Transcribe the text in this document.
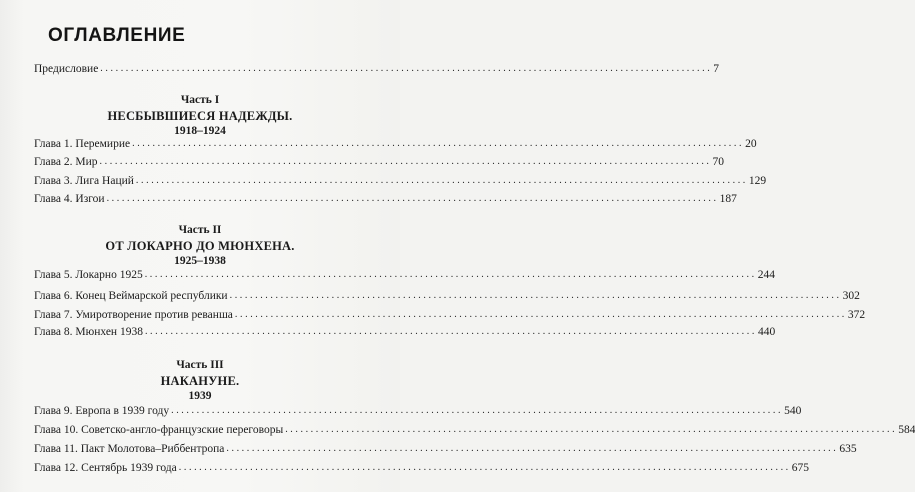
ОГЛАВЛЕНИЕ
Предисловие ........................................................................................................................ 7
Часть I
НЕСБЫВШИЕСЯ НАДЕЖДЫ.
1918–1924
Глава 1. Перемирие ........................................................................................................................ 20
Глава 2. Мир ........................................................................................................................ 70
Глава 3. Лига Наций ........................................................................................................................ 129
Глава 4. Изгои ........................................................................................................................ 187
Часть II
ОТ ЛОКАРНО ДО МЮНХЕНА.
1925–1938
Глава 5. Локарно 1925 ........................................................................................................................ 244
Глава 6. Конец Веймарской республики ........................................................................................................................ 302
Глава 7. Умиротворение против реванша ........................................................................................................................ 372
Глава 8. Мюнхен 1938 ........................................................................................................................ 440
Часть III
НАКАНУНЕ.
1939
Глава 9. Европа в 1939 году ........................................................................................................................ 540
Глава 10. Советско-англо-французские переговоры ........................................................................................................................ 584
Глава 11. Пакт Молотова–Риббентропа ........................................................................................................................ 635
Глава 12. Сентябрь 1939 года ........................................................................................................................ 675
